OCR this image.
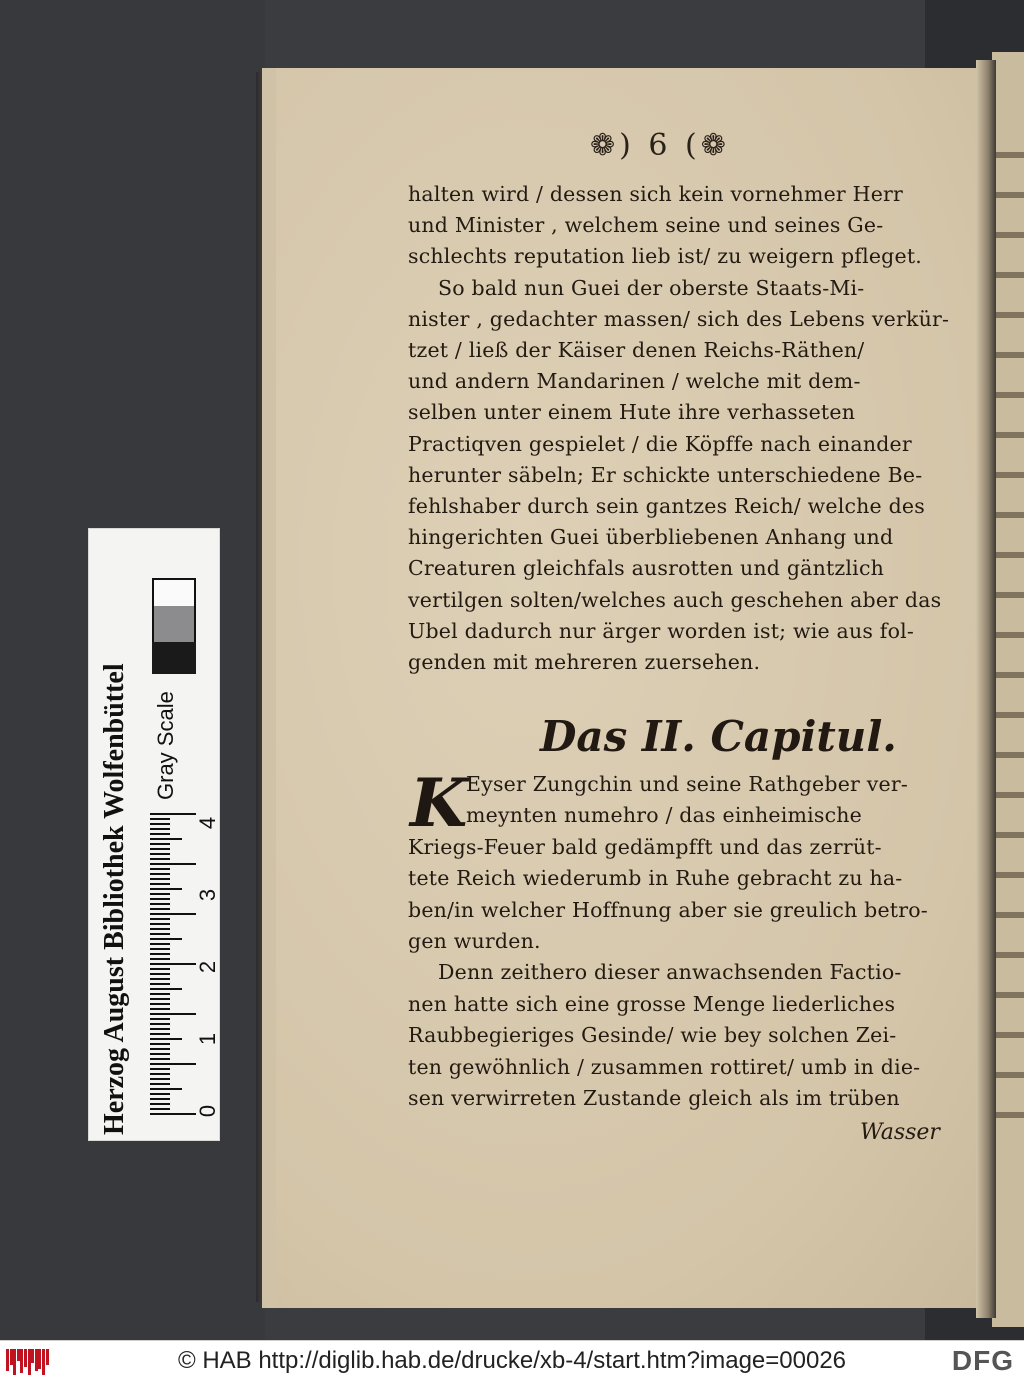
❁) 6 (❁
halten wird / dessen sich kein vornehmer Herr
und Minister , welchem seine und seines Ge-
schlechts reputation lieb ist/ zu weigern pfleget.
So bald nun Guei der oberste Staats-Mi-
nister , gedachter massen/ sich des Lebens verkür-
tzet / ließ der Käiser denen Reichs-Räthen/
und andern Mandarinen / welche mit dem-
selben unter einem Hute ihre verhasseten
Practiqven gespielet / die Köpffe nach einander
herunter säbeln; Er schickte unterschiedene Be-
fehlshaber durch sein gantzes Reich/ welche des
hingerichten Guei überbliebenen Anhang und
Creaturen gleichfals ausrotten und gäntzlich
vertilgen solten/welches auch geschehen aber das
Ubel dadurch nur ärger worden ist; wie aus fol-
genden mit mehreren zuersehen.
Das II. Capitul.
K
Eyser Zungchin und seine Rathgeber ver-
meynten numehro / das einheimische
Kriegs-Feuer bald gedämpfft und das zerrüt-
tete Reich wiederumb in Ruhe gebracht zu ha-
ben/in welcher Hoffnung aber sie greulich betro-
gen wurden.
Denn zeithero dieser anwachsenden Factio-
nen hatte sich eine grosse Menge liederliches
Raubbegieriges Gesinde/ wie bey solchen Zei-
ten gewöhnlich / zusammen rottiret/ umb in die-
sen verwirreten Zustande gleich als im trüben
Wasser
Herzog August Bibliothek Wolfenbüttel Gray Scale
0
1
2
3
4
© HAB http://diglib.hab.de/drucke/xb-4/start.htm?image=00026	DFG
